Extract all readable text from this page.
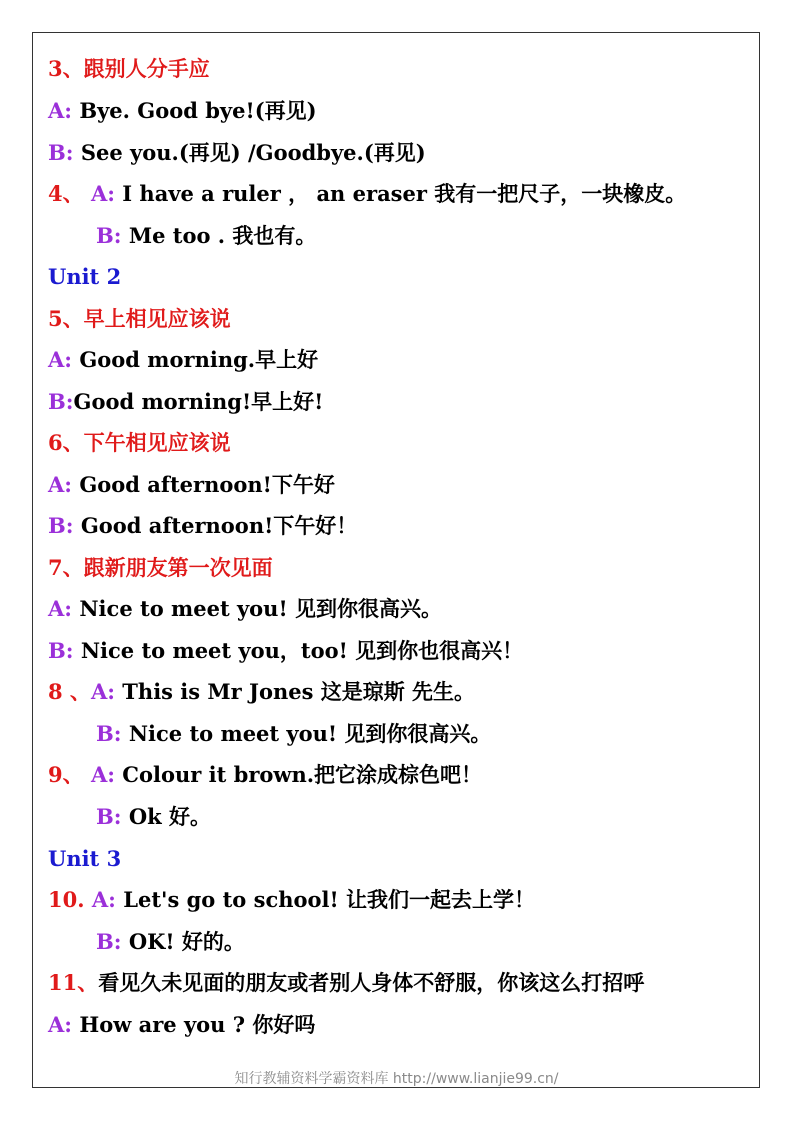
3、跟别人分手应
A: Bye. Good bye!(再见)
B: See you.(再见) /Goodbye.(再见)
4、 A: I have a ruler ， an eraser 我有一把尺子，一块橡皮。
B: Me too . 我也有。
Unit 2
5、早上相见应该说
A: Good morning.早上好
B:Good morning!早上好!
6、下午相见应该说
A: Good afternoon!下午好
B: Good afternoon!下午好！
7、跟新朋友第一次见面
A: Nice to meet you! 见到你很高兴。
B: Nice to meet you，too! 见到你也很高兴！
8 、A: This is Mr Jones 这是琼斯 先生。
B: Nice to meet you! 见到你很高兴。
9、 A: Colour it brown.把它涂成棕色吧！
B: Ok 好。
Unit 3
10. A: Let's go to school! 让我们一起去上学！
B: OK! 好的。
11、看见久未见面的朋友或者别人身体不舒服，你该这么打招呼
A: How are you ? 你好吗
知行教辅资料学霸资料库 http://www.lianjie99.cn/
